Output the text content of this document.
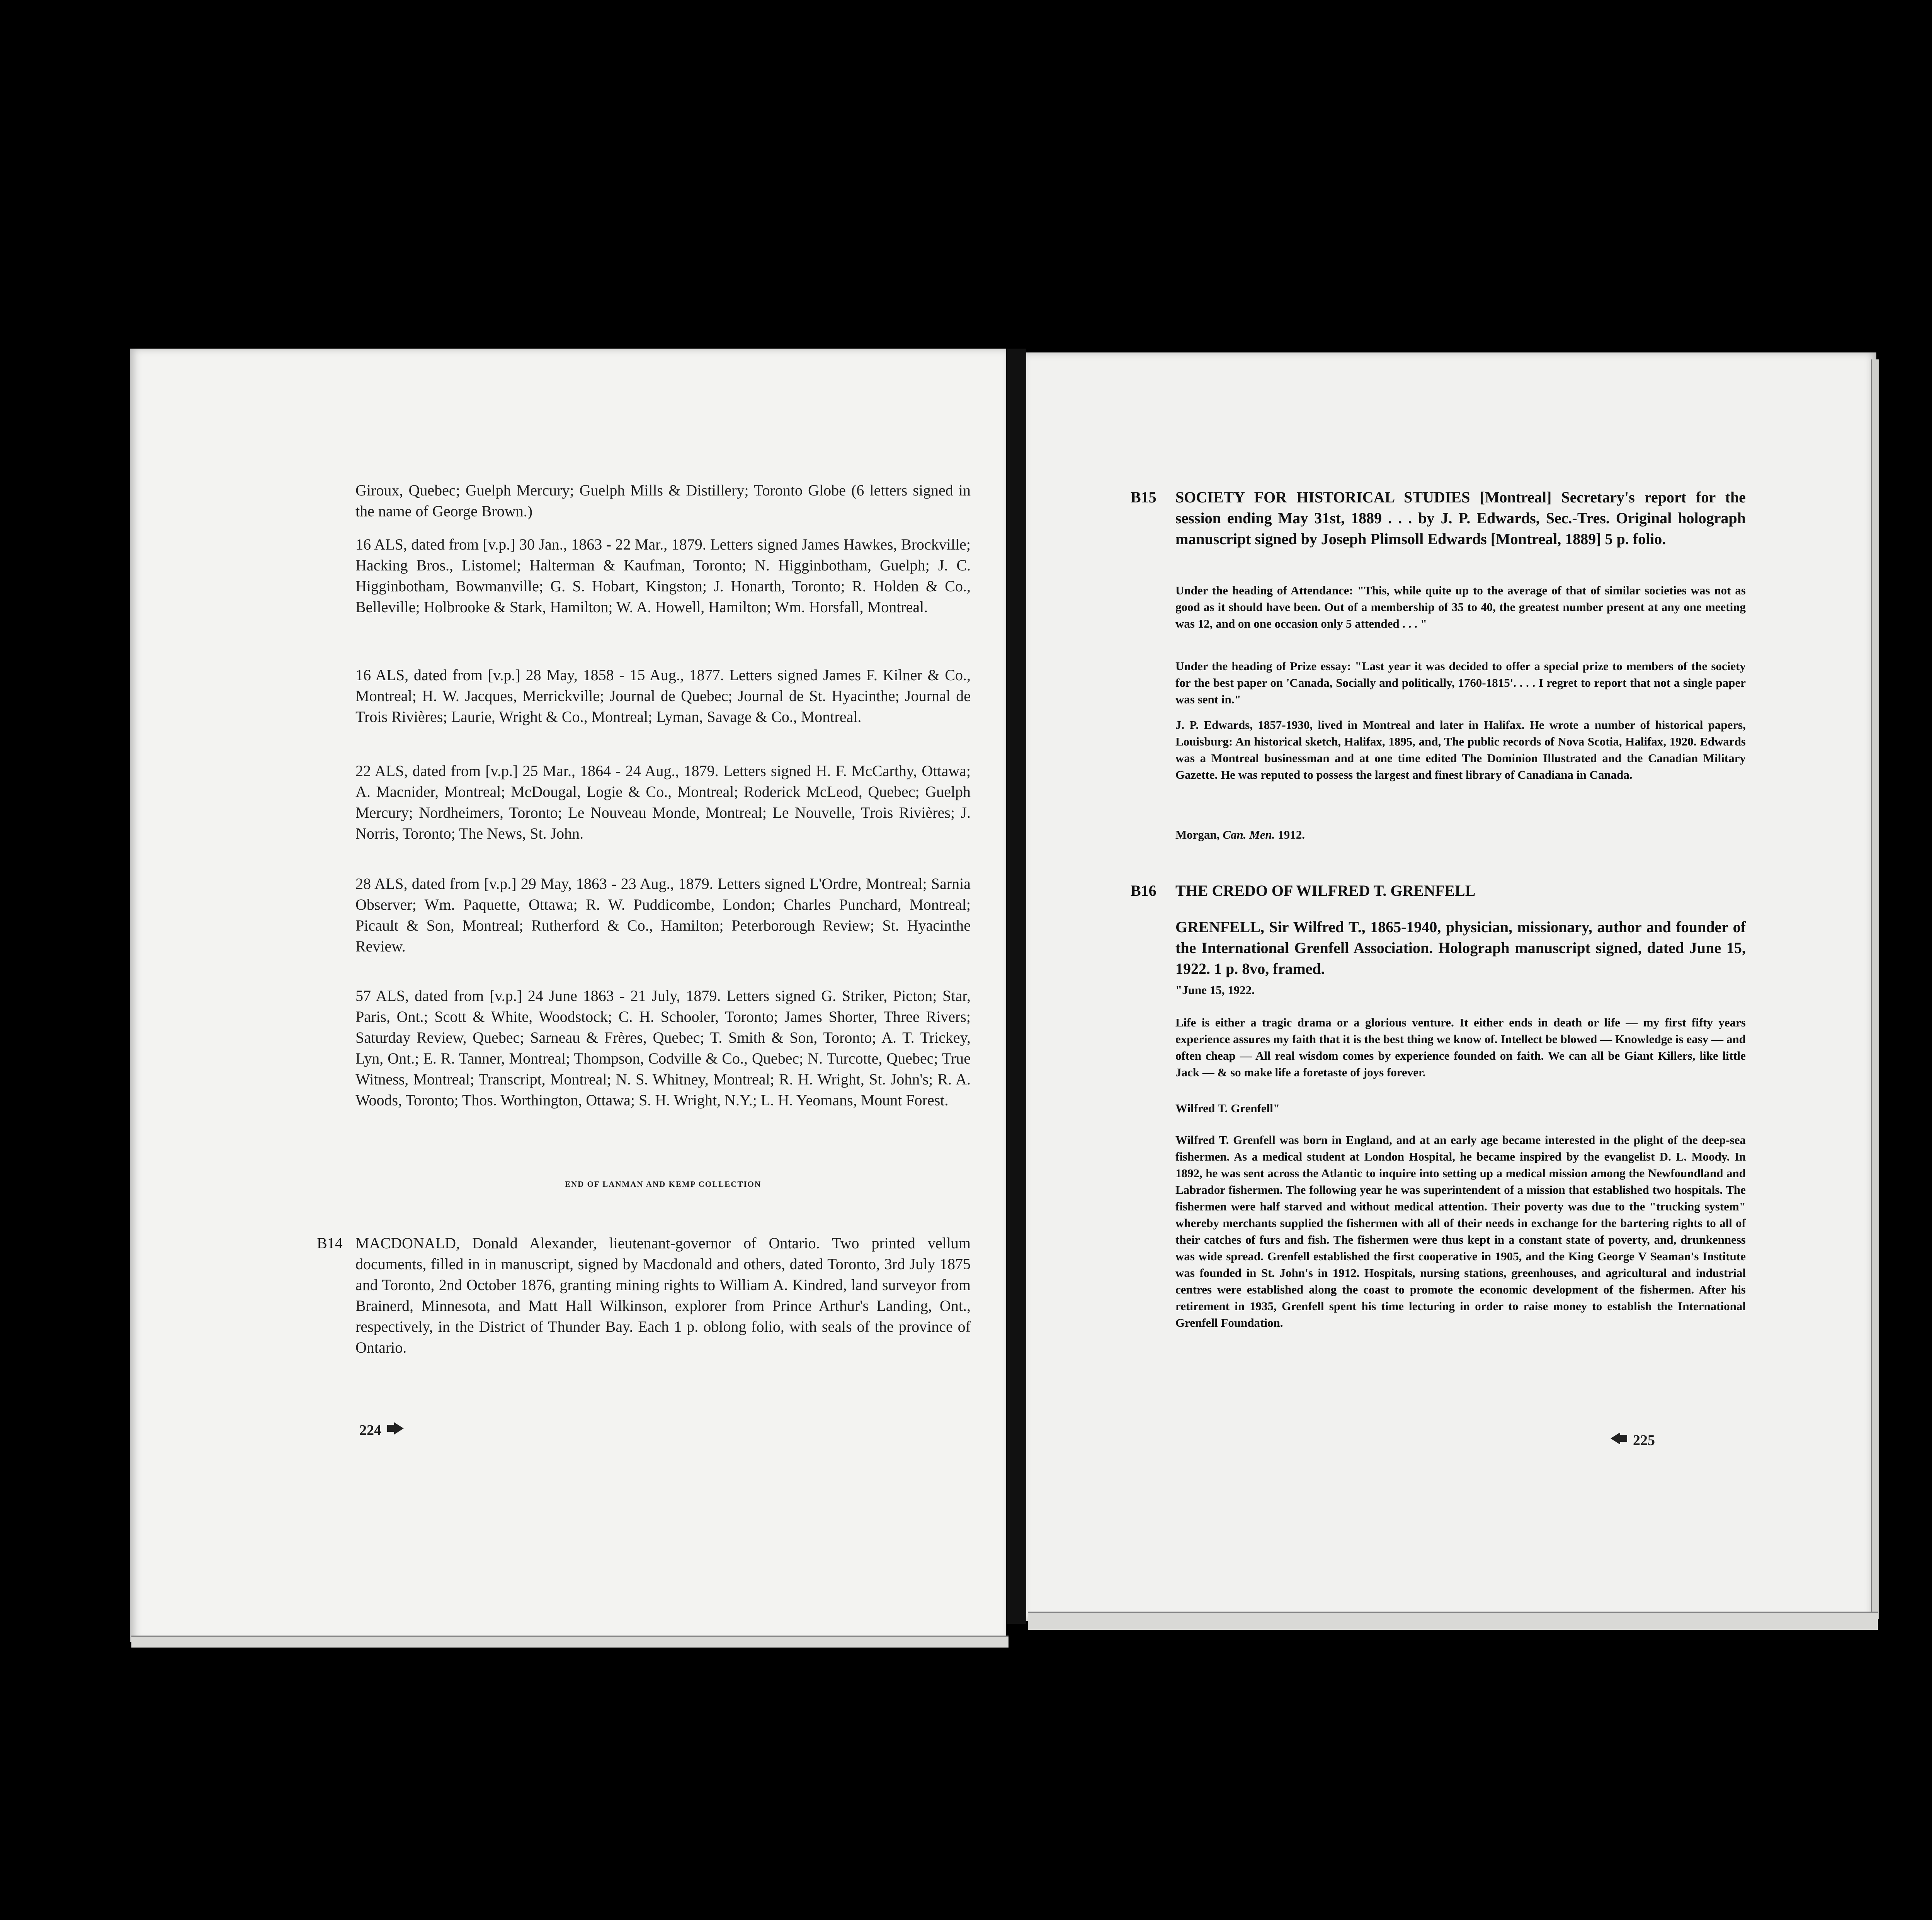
Giroux, Quebec; Guelph Mercury; Guelph Mills & Distillery; Toronto Globe (6 letters signed in the name of George Brown.)

16 ALS, dated from [v.p.] 30 Jan., 1863 - 22 Mar., 1879. Letters signed James Hawkes, Brockville; Hacking Bros., Listomel; Halterman & Kaufman, Toronto; N. Higginbotham, Guelph; J. C. Higginbotham, Bowmanville; G. S. Hobart, Kingston; J. Honarth, Toronto; R. Holden & Co., Belleville; Holbrooke & Stark, Hamilton; W. A. Howell, Hamilton; Wm. Horsfall, Montreal.

16 ALS, dated from [v.p.] 28 May, 1858 - 15 Aug., 1877. Letters signed James F. Kilner & Co., Montreal; H. W. Jacques, Merrickville; Journal de Quebec; Journal de St. Hyacinthe; Journal de Trois Rivières; Laurie, Wright & Co., Montreal; Lyman, Savage & Co., Montreal.

22 ALS, dated from [v.p.] 25 Mar., 1864 - 24 Aug., 1879. Letters signed H. F. McCarthy, Ottawa; A. Macnider, Montreal; McDougal, Logie & Co., Montreal; Roderick McLeod, Quebec; Guelph Mercury; Nordheimers, Toronto; Le Nouveau Monde, Montreal; Le Nouvelle, Trois Rivières; J. Norris, Toronto; The News, St. John.

28 ALS, dated from [v.p.] 29 May, 1863 - 23 Aug., 1879. Letters signed L'Ordre, Montreal; Sarnia Observer; Wm. Paquette, Ottawa; R. W. Puddicombe, London; Charles Punchard, Montreal; Picault & Son, Montreal; Rutherford & Co., Hamilton; Peterborough Review; St. Hyacinthe Review.

57 ALS, dated from [v.p.] 24 June 1863 - 21 July, 1879. Letters signed G. Striker, Picton; Star, Paris, Ont.; Scott & White, Woodstock; C. H. Schooler, Toronto; James Shorter, Three Rivers; Saturday Review, Quebec; Sarneau & Frères, Quebec; T. Smith & Son, Toronto; A. T. Trickey, Lyn, Ont.; E. R. Tanner, Montreal; Thompson, Codville & Co., Quebec; N. Turcotte, Quebec; True Witness, Montreal; Transcript, Montreal; N. S. Whitney, Montreal; R. H. Wright, St. John's; R. A. Woods, Toronto; Thos. Worthington, Ottawa; S. H. Wright, N.Y.; L. H. Yeomans, Mount Forest.

END OF LANMAN AND KEMP COLLECTION
B14 MACDONALD, Donald Alexander, lieutenant-governor of Ontario. Two printed vellum documents, filled in in manuscript, signed by Macdonald and others, dated Toronto, 3rd July 1875 and Toronto, 2nd October 1876, granting mining rights to William A. Kindred, land surveyor from Brainerd, Minnesota, and Matt Hall Wilkinson, explorer from Prince Arthur's Landing, Ont., respectively, in the District of Thunder Bay. Each 1 p. oblong folio, with seals of the province of Ontario.

224
B15 SOCIETY FOR HISTORICAL STUDIES [Montreal] Secretary's report for the session ending May 31st, 1889 . . . by J. P. Edwards, Sec.-Tres. Original holograph manuscript signed by Joseph Plimsoll Edwards [Montreal, 1889] 5 p. folio.

Under the heading of Attendance: "This, while quite up to the average of that of similar societies was not as good as it should have been. Out of a membership of 35 to 40, the greatest number present at any one meeting was 12, and on one occasion only 5 attended . . . "

Under the heading of Prize essay: "Last year it was decided to offer a special prize to members of the society for the best paper on 'Canada, Socially and politically, 1760-1815'. . . . I regret to report that not a single paper was sent in."

J. P. Edwards, 1857-1930, lived in Montreal and later in Halifax. He wrote a number of historical papers, Louisburg: An historical sketch, Halifax, 1895, and, The public records of Nova Scotia, Halifax, 1920. Edwards was a Montreal businessman and at one time edited The Dominion Illustrated and the Canadian Military Gazette. He was reputed to possess the largest and finest library of Canadiana in Canada.

Morgan, Can. Men. 1912.

B16 THE CREDO OF WILFRED T. GRENFELL

GRENFELL, Sir Wilfred T., 1865-1940, physician, missionary, author and founder of the International Grenfell Association. Holograph manuscript signed, dated June 15, 1922. 1 p. 8vo, framed.

"June 15, 1922.

Life is either a tragic drama or a glorious venture. It either ends in death or life — my first fifty years experience assures my faith that it is the best thing we know of. Intellect be blowed — Knowledge is easy — and often cheap — All real wisdom comes by experience founded on faith. We can all be Giant Killers, like little Jack — & so make life a foretaste of joys forever.

Wilfred T. Grenfell"

Wilfred T. Grenfell was born in England, and at an early age became interested in the plight of the deep-sea fishermen. As a medical student at London Hospital, he became inspired by the evangelist D. L. Moody. In 1892, he was sent across the Atlantic to inquire into setting up a medical mission among the Newfoundland and Labrador fishermen. The following year he was superintendent of a mission that established two hospitals. The fishermen were half starved and without medical attention. Their poverty was due to the "trucking system" whereby merchants supplied the fishermen with all of their needs in exchange for the bartering rights to all of their catches of furs and fish. The fishermen were thus kept in a constant state of poverty, and, drunkenness was wide spread. Grenfell established the first cooperative in 1905, and the King George V Seaman's Institute was founded in St. John's in 1912. Hospitals, nursing stations, greenhouses, and agricultural and industrial centres were established along the coast to promote the economic development of the fishermen. After his retirement in 1935, Grenfell spent his time lecturing in order to raise money to establish the International Grenfell Foundation.

225
